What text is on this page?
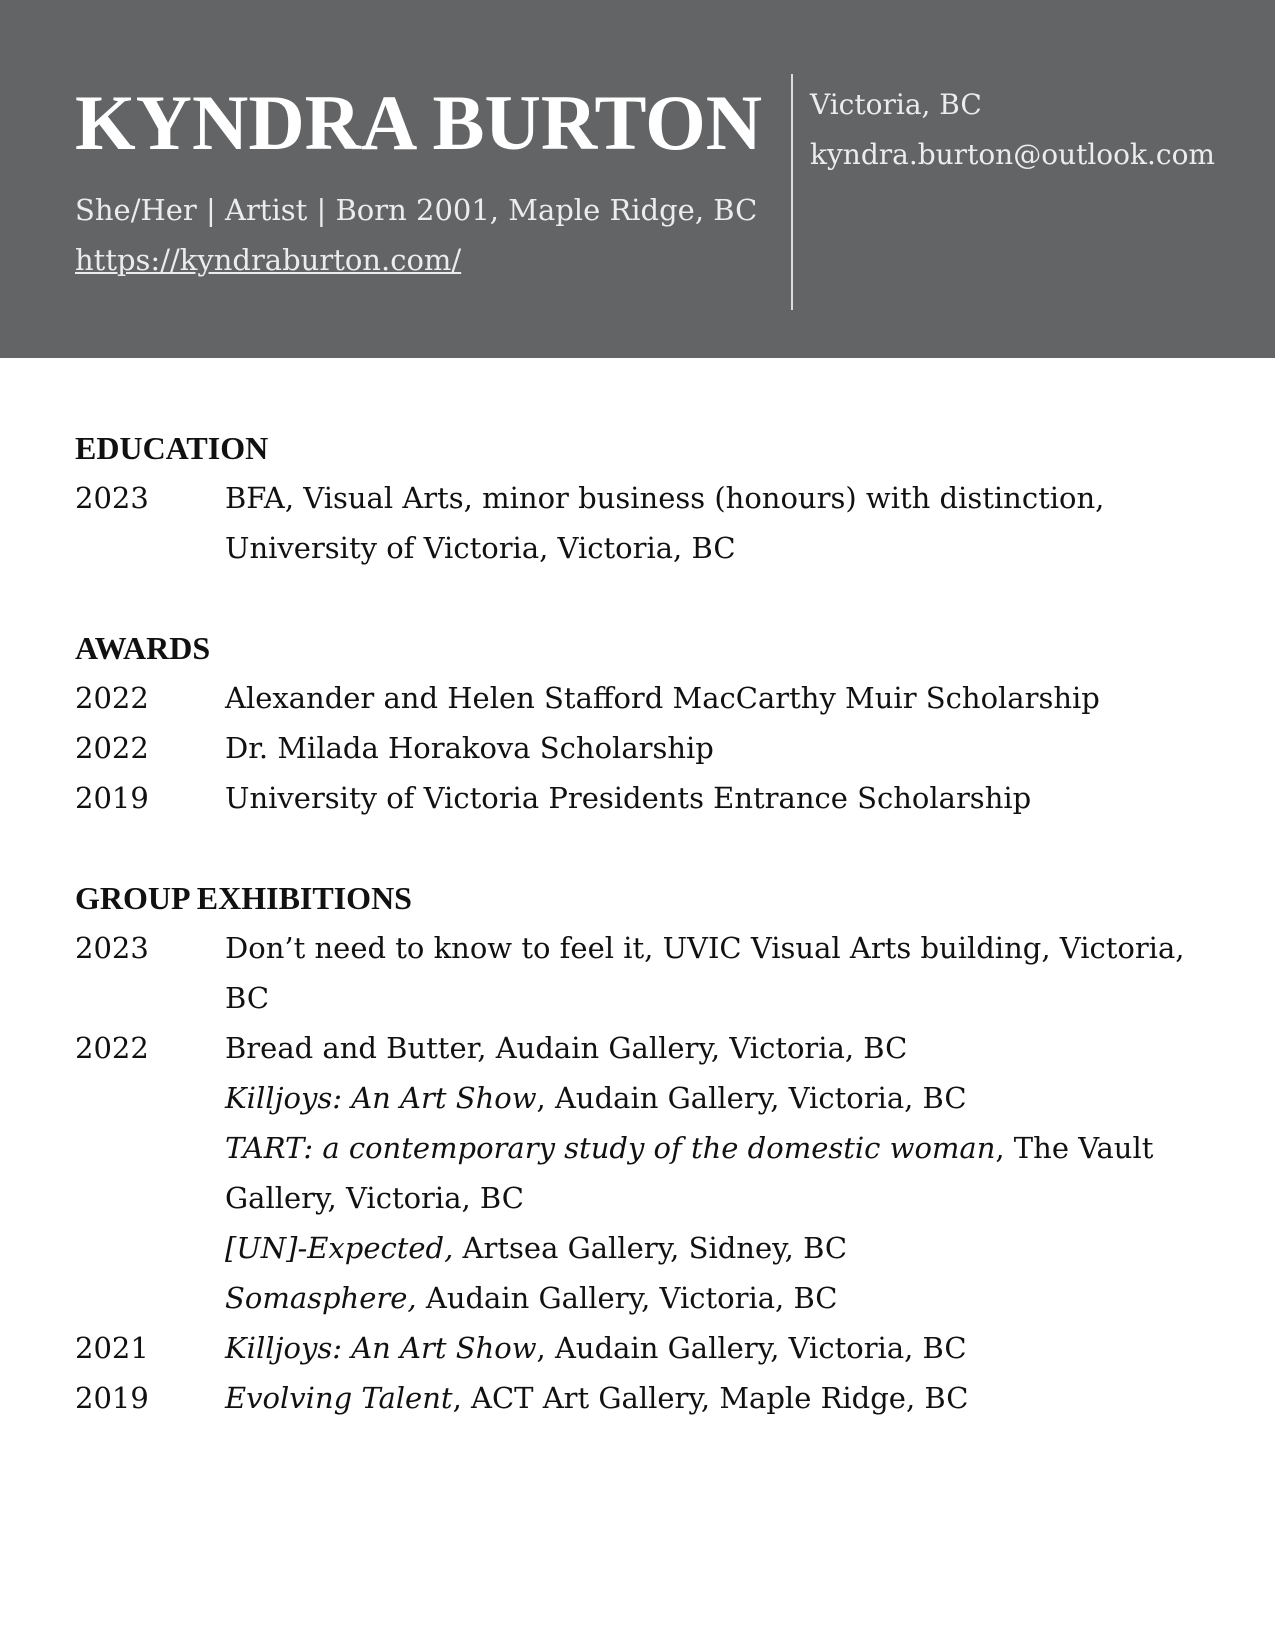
KYNDRA BURTON
She/Her | Artist | Born 2001, Maple Ridge, BC
https://kyndraburton.com/
Victoria, BC
kyndra.burton@outlook.com
EDUCATION
2023	BFA, Visual Arts, minor business (honours) with distinction, University of Victoria, Victoria, BC
AWARDS
2022	Alexander and Helen Stafford MacCarthy Muir Scholarship
2022	Dr. Milada Horakova Scholarship
2019	University of Victoria Presidents Entrance Scholarship
GROUP EXHIBITIONS
2023	Don’t need to know to feel it, UVIC Visual Arts building, Victoria, BC
2022	Bread and Butter, Audain Gallery, Victoria, BC
Killjoys: An Art Show, Audain Gallery, Victoria, BC
TART: a contemporary study of the domestic woman, The Vault Gallery, Victoria, BC
[UN]-Expected, Artsea Gallery, Sidney, BC
Somasphere, Audain Gallery, Victoria, BC
2021	Killjoys: An Art Show, Audain Gallery, Victoria, BC
2019	Evolving Talent, ACT Art Gallery, Maple Ridge, BC
